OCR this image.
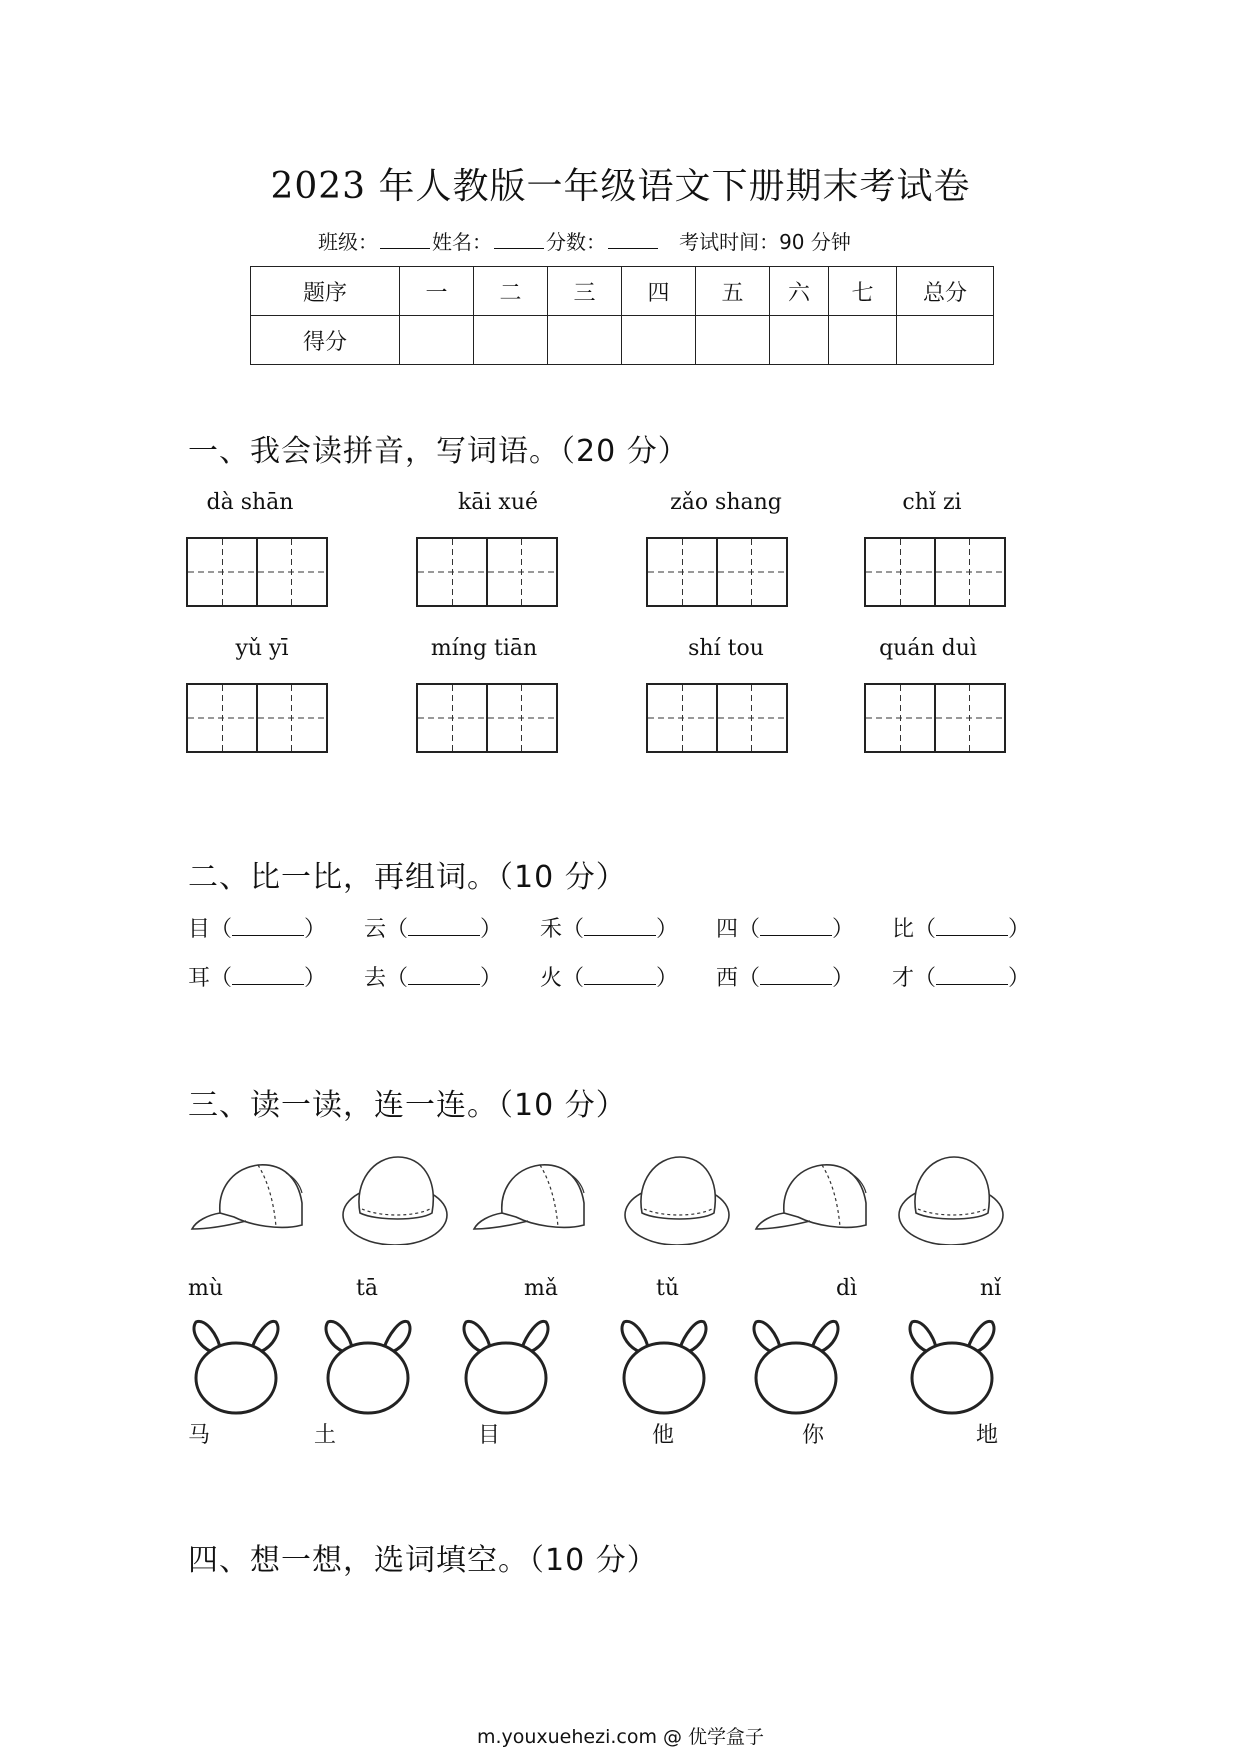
2023 年人教版一年级语文下册期末考试卷
班级：	姓名：	分数：	考试时间：90 分钟
题序	一	二	三	四	五	六	七	总分
得分								
一、我会读拼音，写词语。（20 分）
dà shān	kāi xué	zǎo shang	chǐ zi
yǔ yī	míng tiān	shí tou	quán duì
二、比一比，再组词。（10 分）
目（	） 云（	） 禾（	） 四（	） 比（	）
耳（	） 去（	） 火（	） 西（	） 才（	）
三、读一读，连一连。（10 分）
mù	tā	mǎ	tǔ	dì	nǐ
马	土	目	他	你	地
四、想一想，选词填空。（10 分）
m.youxuehezi.com @ 优学盒子
